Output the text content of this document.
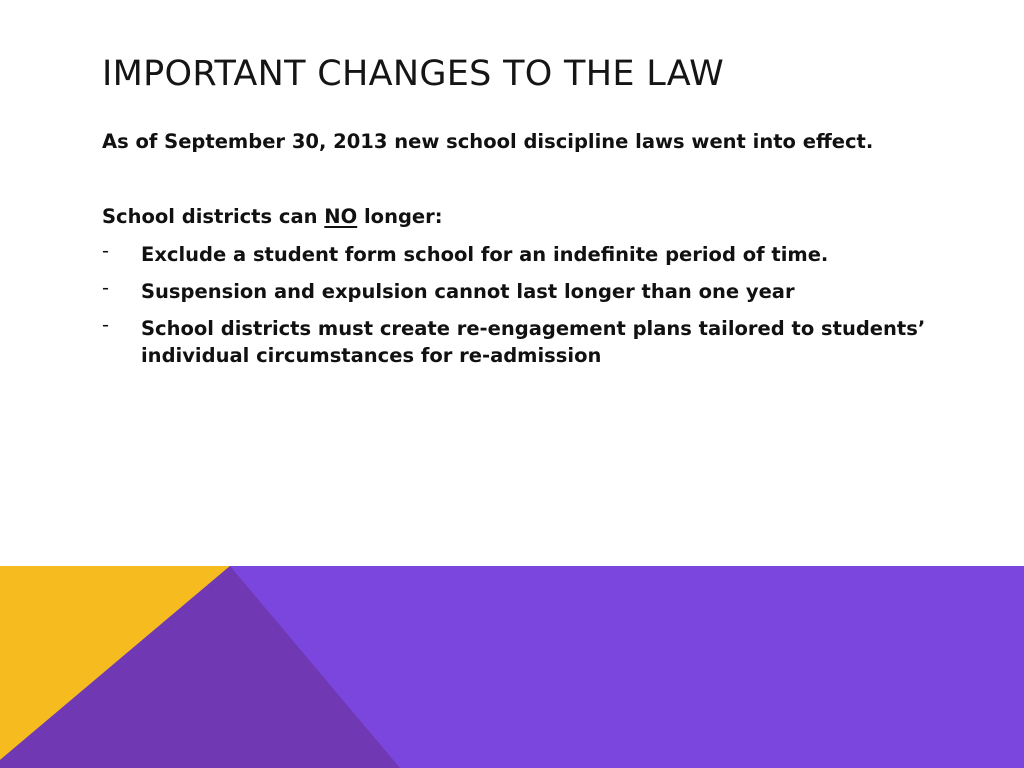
IMPORTANT CHANGES TO THE LAW

As of September 30, 2013 new school discipline laws went into effect.

School districts can NO longer:

- Exclude a student form school for an indefinite period of time.
- Suspension and expulsion cannot last longer than one year
- School districts must create re-engagement plans tailored to students’ individual circumstances for re-admission
